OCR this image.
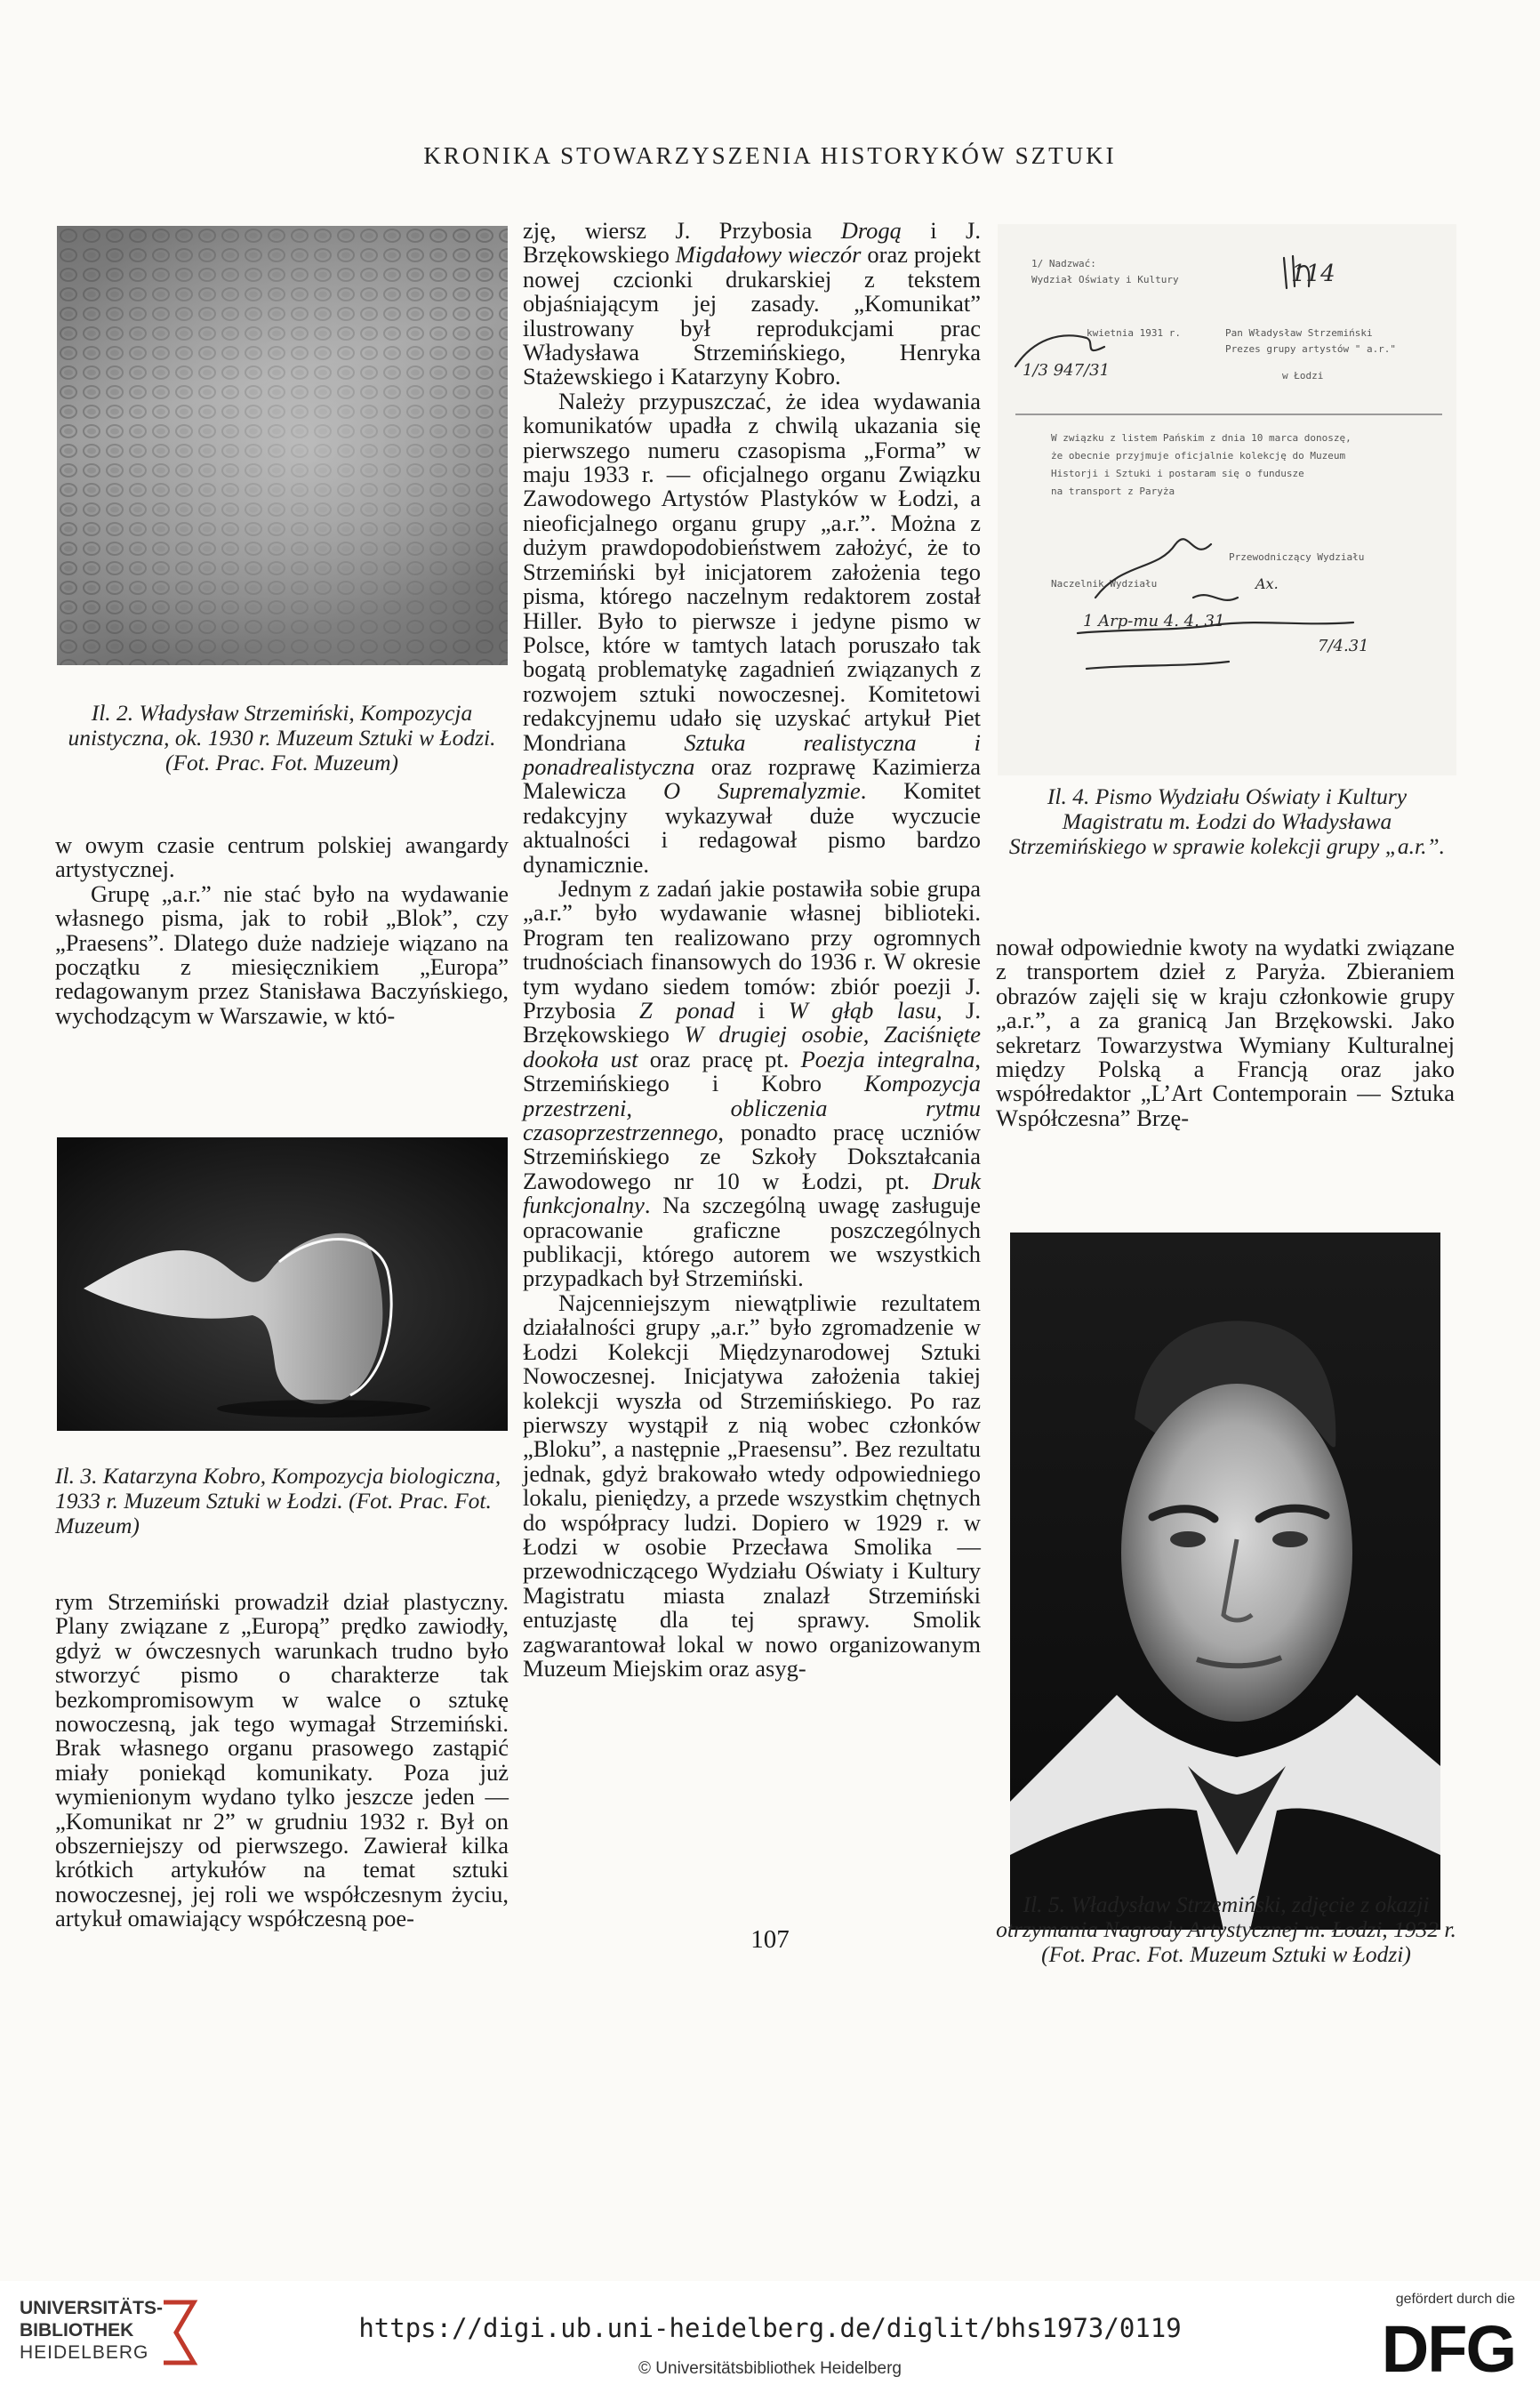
KRONIKA STOWARZYSZENIA HISTORYKÓW SZTUKI
Il. 2. Władysław Strzemiński, Kompozycja unistyczna, ok. 1930 r. Muzeum Sztuki w Łodzi. (Fot. Prac. Fot. Muzeum)

w owym czasie centrum polskiej awangardy artystycznej.

Grupę „a.r.” nie stać było na wydawanie własnego pisma, jak to robił „Blok”, czy „Praesens”. Dlatego duże nadzieje wiązano na początku z miesięcznikiem „Europa” redagowanym przez Stanisława Baczyńskiego, wychodzącym w Warszawie, w któ-

Il. 3. Katarzyna Kobro, Kompozycja biologiczna, 1933 r. Muzeum Sztuki w Łodzi. (Fot. Prac. Fot. Muzeum)

rym Strzemiński prowadził dział plastyczny. Plany związane z „Europą” prędko zawiodły, gdyż w ówczesnych warunkach trudno było stworzyć pismo o charakterze tak bezkompromisowym w walce o sztukę nowoczesną, jak tego wymagał Strzemiński. Brak własnego organu prasowego zastąpić miały poniekąd komunikaty. Poza już wymienionym wydano tylko jeszcze jeden — „Komunikat nr 2” w grudniu 1932 r. Był on obszerniejszy od pierwszego. Zawierał kilka krótkich artykułów na temat sztuki nowoczesnej, jej roli we współczesnym życiu, artykuł omawiający współczesną poe-

zję, wiersz J. Przybosia Drogą i J. Brzękowskiego Migdałowy wieczór oraz projekt nowej czcionki drukarskiej z tekstem objaśniającym jej zasady. „Komunikat” ilustrowany był reprodukcjami prac Władysława Strzemińskiego, Henryka Stażewskiego i Katarzyny Kobro.

Należy przypuszczać, że idea wydawania komunikatów upadła z chwilą ukazania się pierwszego numeru czasopisma „Forma” w maju 1933 r. — oficjalnego organu Związku Zawodowego Artystów Plastyków w Łodzi, a nieoficjalnego organu grupy „a.r.”. Można z dużym prawdopodobieństwem założyć, że to Strzemiński był inicjatorem założenia tego pisma, którego naczelnym redaktorem został Hiller. Było to pierwsze i jedyne pismo w Polsce, które w tamtych latach poruszało tak bogatą problematykę zagadnień związanych z rozwojem sztuki nowoczesnej. Komitetowi redakcyjnemu udało się uzyskać artykuł Piet Mondriana Sztuka realistyczna i ponadrealistyczna oraz rozprawę Kazimierza Malewicza O Supremalyzmie. Komitet redakcyjny wykazywał duże wyczucie aktualności i redagował pismo bardzo dynamicznie.

Jednym z zadań jakie postawiła sobie grupa „a.r.” było wydawanie własnej biblioteki. Program ten realizowano przy ogromnych trudnościach finansowych do 1936 r. W okresie tym wydano siedem tomów: zbiór poezji J. Przybosia Z ponad i W głąb lasu, J. Brzękowskiego W drugiej osobie, Zaciśnięte dookoła ust oraz pracę pt. Poezja integralna, Strzemińskiego i Kobro Kompozycja przestrzeni, obliczenia rytmu czasoprzestrzennego, ponadto pracę uczniów Strzemińskiego ze Szkoły Dokształcania Zawodowego nr 10 w Łodzi, pt. Druk funkcjonalny. Na szczególną uwagę zasługuje opracowanie graficzne poszczególnych publikacji, którego autorem we wszystkich przypadkach był Strzemiński.

Najcenniejszym niewątpliwie rezultatem działalności grupy „a.r.” było zgromadzenie w Łodzi Kolekcji Międzynarodowej Sztuki Nowoczesnej. Inicjatywa założenia takiej kolekcji wyszła od Strzemińskiego. Po raz pierwszy wystąpił z nią wobec członków „Bloku”, a następnie „Praesensu”. Bez rezultatu jednak, gdyż brakowało wtedy odpowiedniego lokalu, pieniędzy, a przede wszystkim chętnych do współpracy ludzi. Dopiero w 1929 r. w Łodzi w osobie Przecława Smolika — przewodniczącego Wydziału Oświaty i Kultury Magistratu miasta znalazł Strzemiński entuzjastę dla tej sprawy. Smolik zagwarantował lokal w nowo organizowanym Muzeum Miejskim oraz asyg-

1/ Nadzwać:
Wydział Oświaty i Kultury
kwietnia 1931 r.	Pan Władysław Strzemiński
Prezes grupy artystów " a.r."
w Łodzi
W związku z listem Pańskim z dnia 10 marca donoszę,
że obecnie przyjmuje oficjalnie kolekcję do Muzeum
Historji i Sztuki i postaram się o fundusze
na transport z Paryża
Przewodniczący Wydziału
Naczelnik Wydziału
1 Arp-mu 4. 4. 31
7/4.31
114
1/3 947/31
Ax.
Il. 4. Pismo Wydziału Oświaty i Kultury Magistratu m. Łodzi do Władysława Strzemińskiego w sprawie kolekcji grupy „a.r.”.

nował odpowiednie kwoty na wydatki związane z transportem dzieł z Paryża. Zbieraniem obrazów zajęli się w kraju członkowie grupy „a.r.”, a za granicą Jan Brzękowski. Jako sekretarz Towarzystwa Wymiany Kulturalnej między Polską a Francją oraz jako współredaktor „L’Art Contemporain — Sztuka Współczesna” Brzę-

Il. 5. Władysław Strzemiński, zdjęcie z okazji otrzymania Nagrody Artystycznej m. Łodzi, 1932 r. (Fot. Prac. Fot. Muzeum Sztuki w Łodzi)
107
UNIVERSITÄTS-
BIBLIOTHEK
HEIDELBERG
https://digi.ub.uni-heidelberg.de/diglit/bhs1973/0119
© Universitätsbibliothek Heidelberg
gefördert durch die
DFG
